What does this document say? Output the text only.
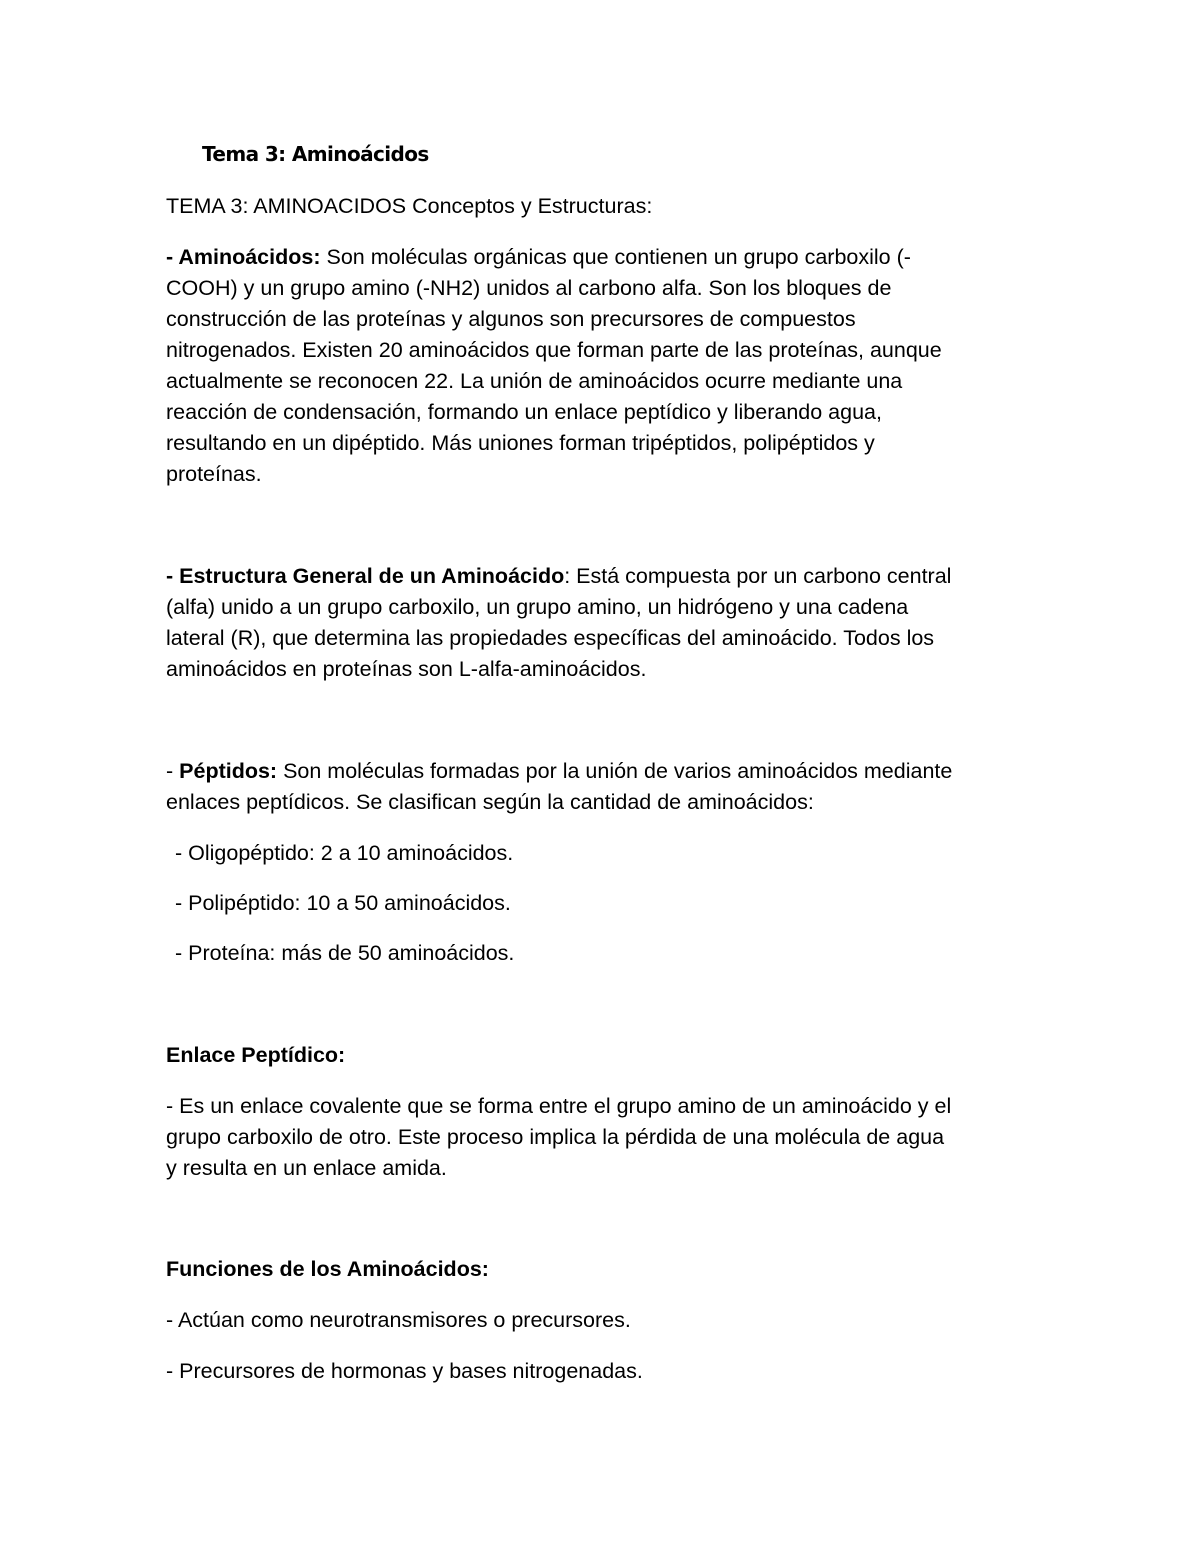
Tema 3: Aminoácidos

TEMA 3: AMINOACIDOS Conceptos y Estructuras:

- Aminoácidos: Son moléculas orgánicas que contienen un grupo carboxilo (-

COOH) y un grupo amino (-NH2) unidos al carbono alfa. Son los bloques de

construcción de las proteínas y algunos son precursores de compuestos

nitrogenados. Existen 20 aminoácidos que forman parte de las proteínas, aunque

actualmente se reconocen 22. La unión de aminoácidos ocurre mediante una

reacción de condensación, formando un enlace peptídico y liberando agua,

resultando en un dipéptido. Más uniones forman tripéptidos, polipéptidos y

proteínas.

- Estructura General de un Aminoácido: Está compuesta por un carbono central

(alfa) unido a un grupo carboxilo, un grupo amino, un hidrógeno y una cadena

lateral (R), que determina las propiedades específicas del aminoácido. Todos los

aminoácidos en proteínas son L-alfa-aminoácidos.

- Péptidos: Son moléculas formadas por la unión de varios aminoácidos mediante

enlaces peptídicos. Se clasifican según la cantidad de aminoácidos:

- Oligopéptido: 2 a 10 aminoácidos.

- Polipéptido: 10 a 50 aminoácidos.

- Proteína: más de 50 aminoácidos.

Enlace Peptídico:

- Es un enlace covalente que se forma entre el grupo amino de un aminoácido y el

grupo carboxilo de otro. Este proceso implica la pérdida de una molécula de agua

y resulta en un enlace amida.

Funciones de los Aminoácidos:

- Actúan como neurotransmisores o precursores.

- Precursores de hormonas y bases nitrogenadas.
